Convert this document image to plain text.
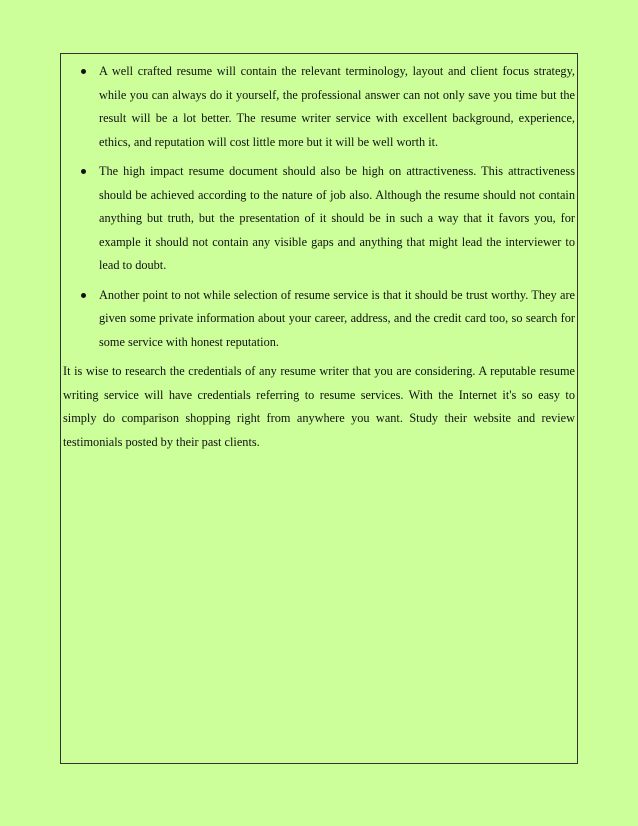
A well crafted resume will contain the relevant terminology, layout and client focus strategy, while you can always do it yourself, the professional answer can not only save you time but the result will be a lot better. The resume writer service with excellent background, experience, ethics, and reputation will cost little more but it will be well worth it.
The high impact resume document should also be high on attractiveness. This attractiveness should be achieved according to the nature of job also. Although the resume should not contain anything but truth, but the presentation of it should be in such a way that it favors you, for example it should not contain any visible gaps and anything that might lead the interviewer to lead to doubt.
Another point to not while selection of resume service is that it should be trust worthy. They are given some private information about your career, address, and the credit card too, so search for some service with honest reputation.

It is wise to research the credentials of any resume writer that you are considering. A reputable resume writing service will have credentials referring to resume services. With the Internet it's so easy to simply do comparison shopping right from anywhere you want. Study their website and review testimonials posted by their past clients.
